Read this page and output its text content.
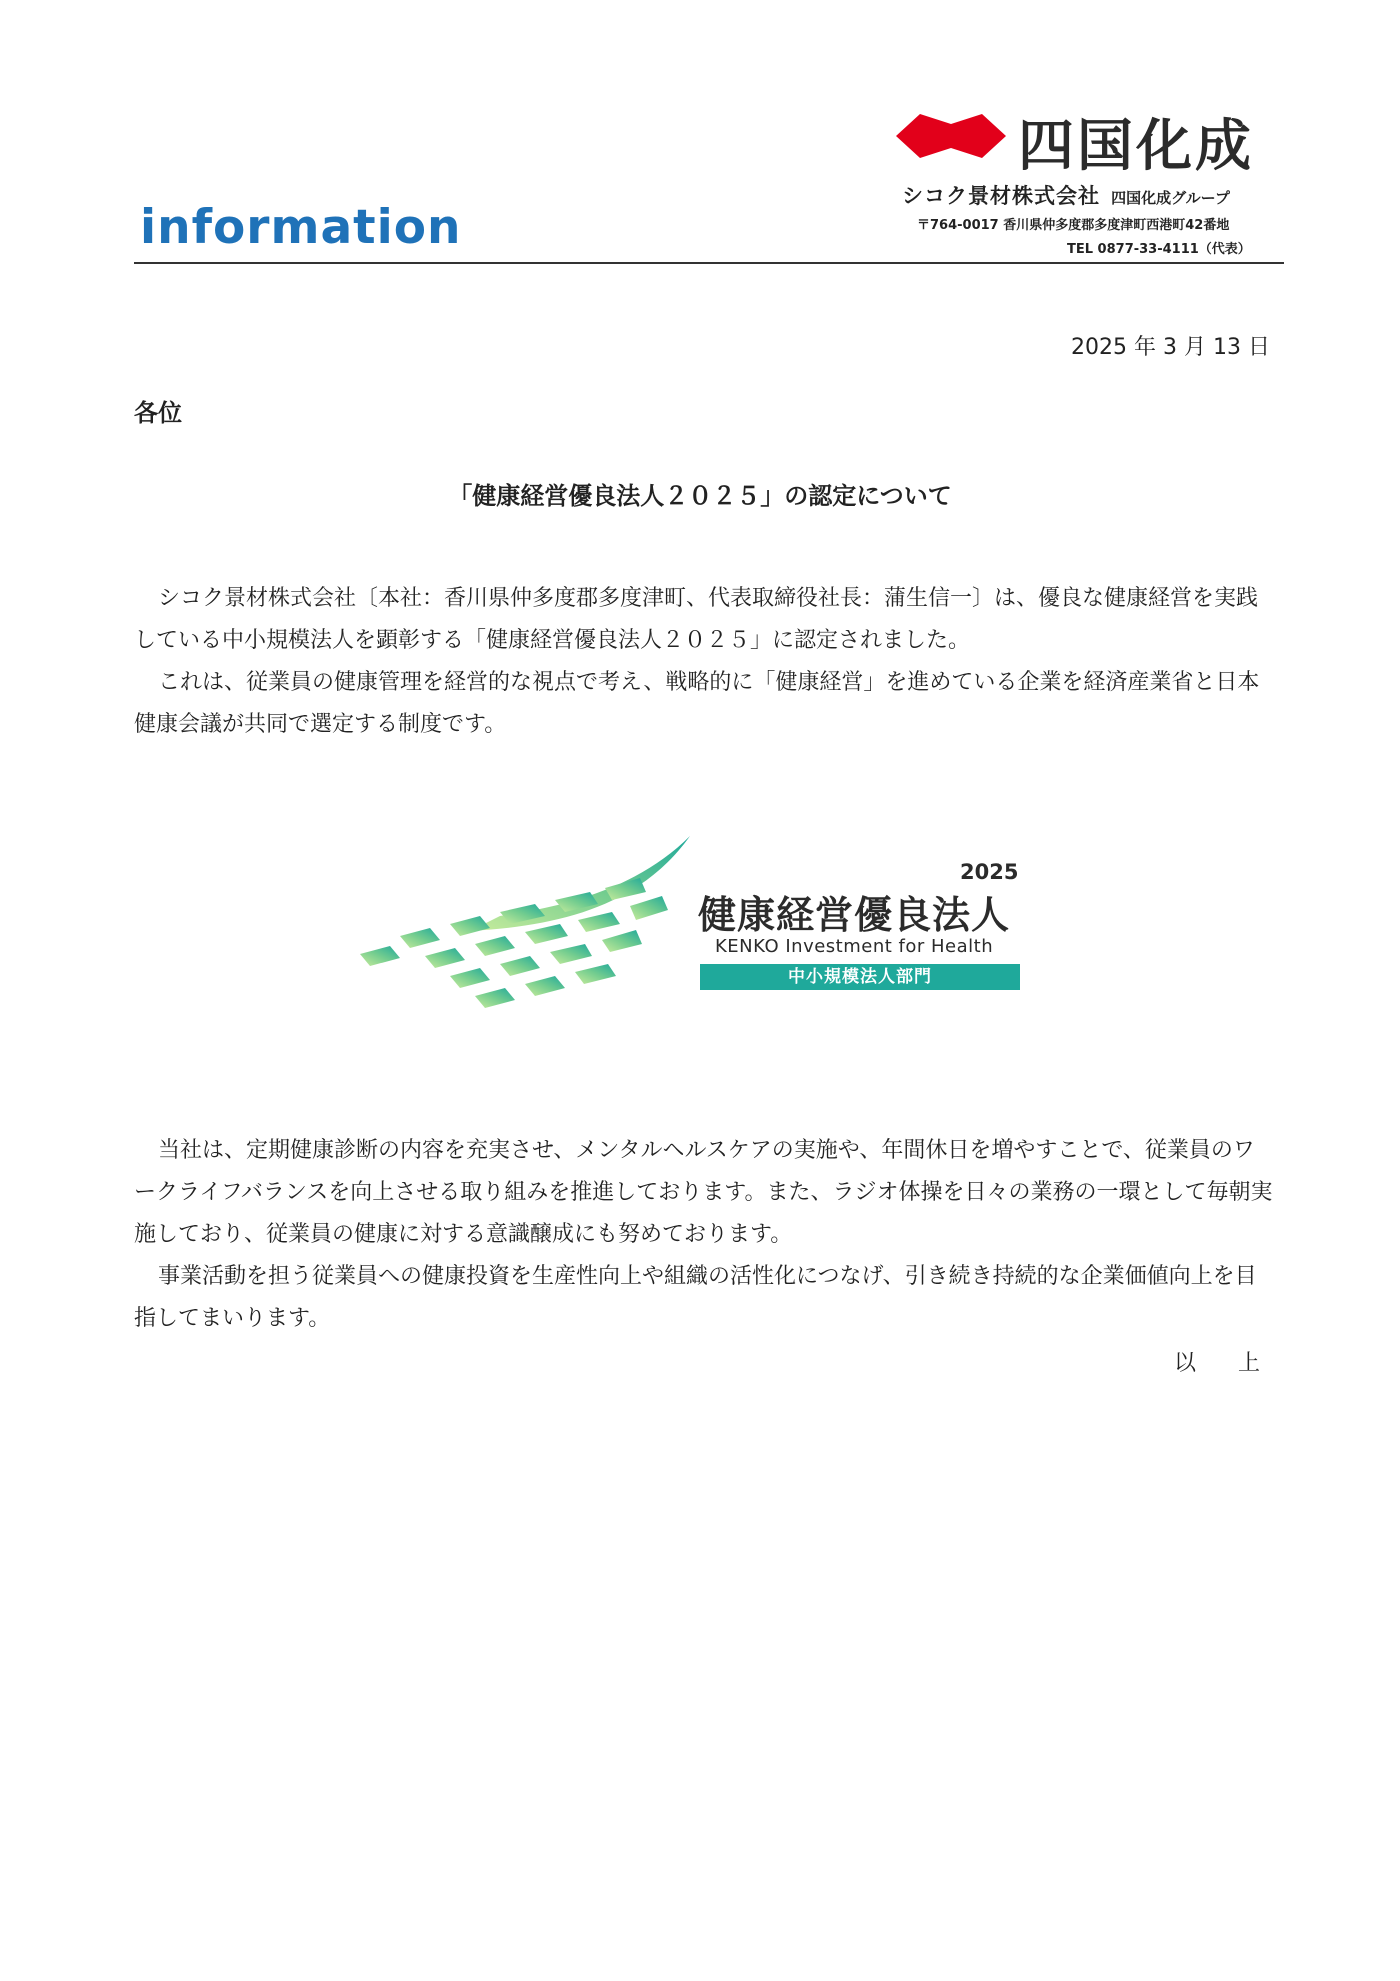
information
四国化成
シコク景材株式会社 四国化成グループ
〒764-0017 香川県仲多度郡多度津町西港町42番地
TEL 0877-33-4111（代表）
2025 年 3 月 13 日
各位
「健康経営優良法人２０２５」の認定について

シコク景材株式会社〔本社：香川県仲多度郡多度津町、代表取締役社長：蒲生信一〕は、優良な健康経営を実践している中小規模法人を顕彰する「健康経営優良法人２０２５」に認定されました。

これは、従業員の健康管理を経営的な視点で考え、戦略的に「健康経営」を進めている企業を経済産業省と日本健康会議が共同で選定する制度です。

2025
健康経営優良法人
KENKO Investment for Health
中小規模法人部門

当社は、定期健康診断の内容を充実させ、メンタルヘルスケアの実施や、年間休日を増やすことで、従業員のワークライフバランスを向上させる取り組みを推進しております。また、ラジオ体操を日々の業務の一環として毎朝実施しており、従業員の健康に対する意識醸成にも努めております。

事業活動を担う従業員への健康投資を生産性向上や組織の活性化につなげ、引き続き持続的な企業価値向上を目指してまいります。

以　上
